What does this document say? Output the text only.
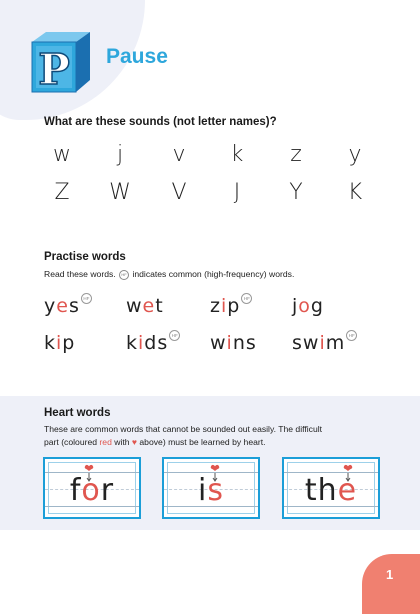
P Pause
What are these sounds (not letter names)?
w	j	v	k	z	y
Z	W	V	J	Y	K
Practise words
Read these words. HF indicates common (high-frequency) words.
yes HF wet zip HF jog
kip	kids HF wins swim HF
Heart words
These are common words that cannot be sounded out easily. The difficult
part (coloured red with ♥ above) must be learned by heart.
f
or	i
s	th
e
1
